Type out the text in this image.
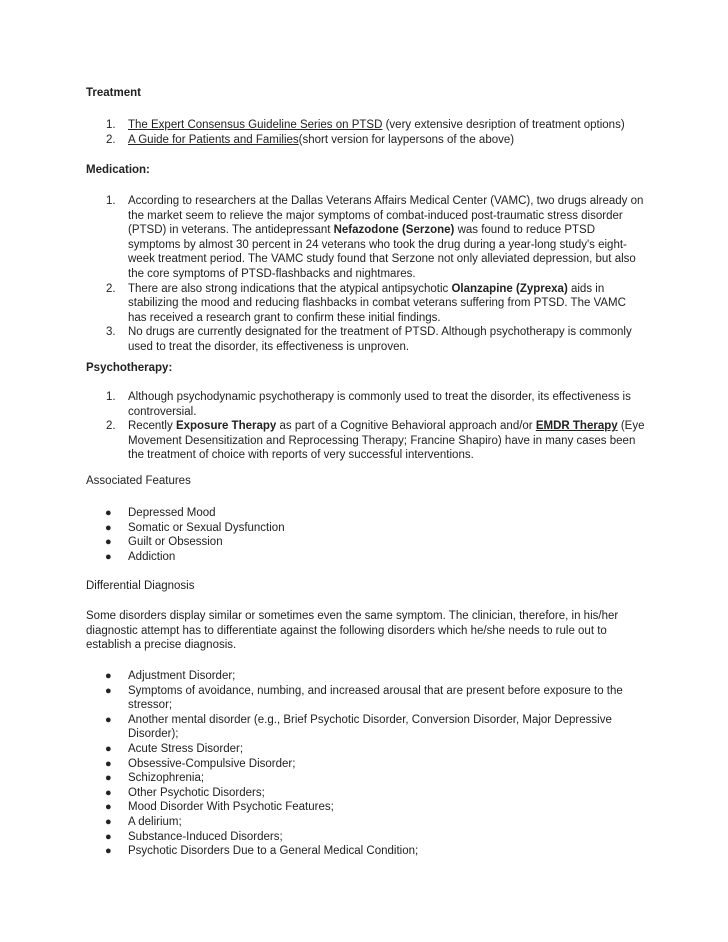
Treatment
1. The Expert Consensus Guideline Series on PTSD (very extensive desription of treatment options)
2. A Guide for Patients and Families(short version for laypersons of the above)
Medication:
1. According to researchers at the Dallas Veterans Affairs Medical Center (VAMC), two drugs already on the market seem to relieve the major symptoms of combat-induced post-traumatic stress disorder (PTSD) in veterans. The antidepressant Nefazodone (Serzone) was found to reduce PTSD symptoms by almost 30 percent in 24 veterans who took the drug during a year-long study's eight-week treatment period. The VAMC study found that Serzone not only alleviated depression, but also the core symptoms of PTSD-flashbacks and nightmares.
2. There are also strong indications that the atypical antipsychotic Olanzapine (Zyprexa) aids in stabilizing the mood and reducing flashbacks in combat veterans suffering from PTSD. The VAMC has received a research grant to confirm these initial findings.
3. No drugs are currently designated for the treatment of PTSD. Although psychotherapy is commonly used to treat the disorder, its effectiveness is unproven.
Psychotherapy:
1. Although psychodynamic psychotherapy is commonly used to treat the disorder, its effectiveness is controversial.
2. Recently Exposure Therapy as part of a Cognitive Behavioral approach and/or EMDR Therapy (Eye Movement Desensitization and Reprocessing Therapy; Francine Shapiro) have in many cases been the treatment of choice with reports of very successful interventions.
Associated Features
● Depressed Mood
● Somatic or Sexual Dysfunction
● Guilt or Obsession
● Addiction
Differential Diagnosis
Some disorders display similar or sometimes even the same symptom. The clinician, therefore, in his/her diagnostic attempt has to differentiate against the following disorders which he/she needs to rule out to establish a precise diagnosis.
● Adjustment Disorder;
● Symptoms of avoidance, numbing, and increased arousal that are present before exposure to the stressor;
● Another mental disorder (e.g., Brief Psychotic Disorder, Conversion Disorder, Major Depressive Disorder);
● Acute Stress Disorder;
● Obsessive-Compulsive Disorder;
● Schizophrenia;
● Other Psychotic Disorders;
● Mood Disorder With Psychotic Features;
● A delirium;
● Substance-Induced Disorders;
● Psychotic Disorders Due to a General Medical Condition;
